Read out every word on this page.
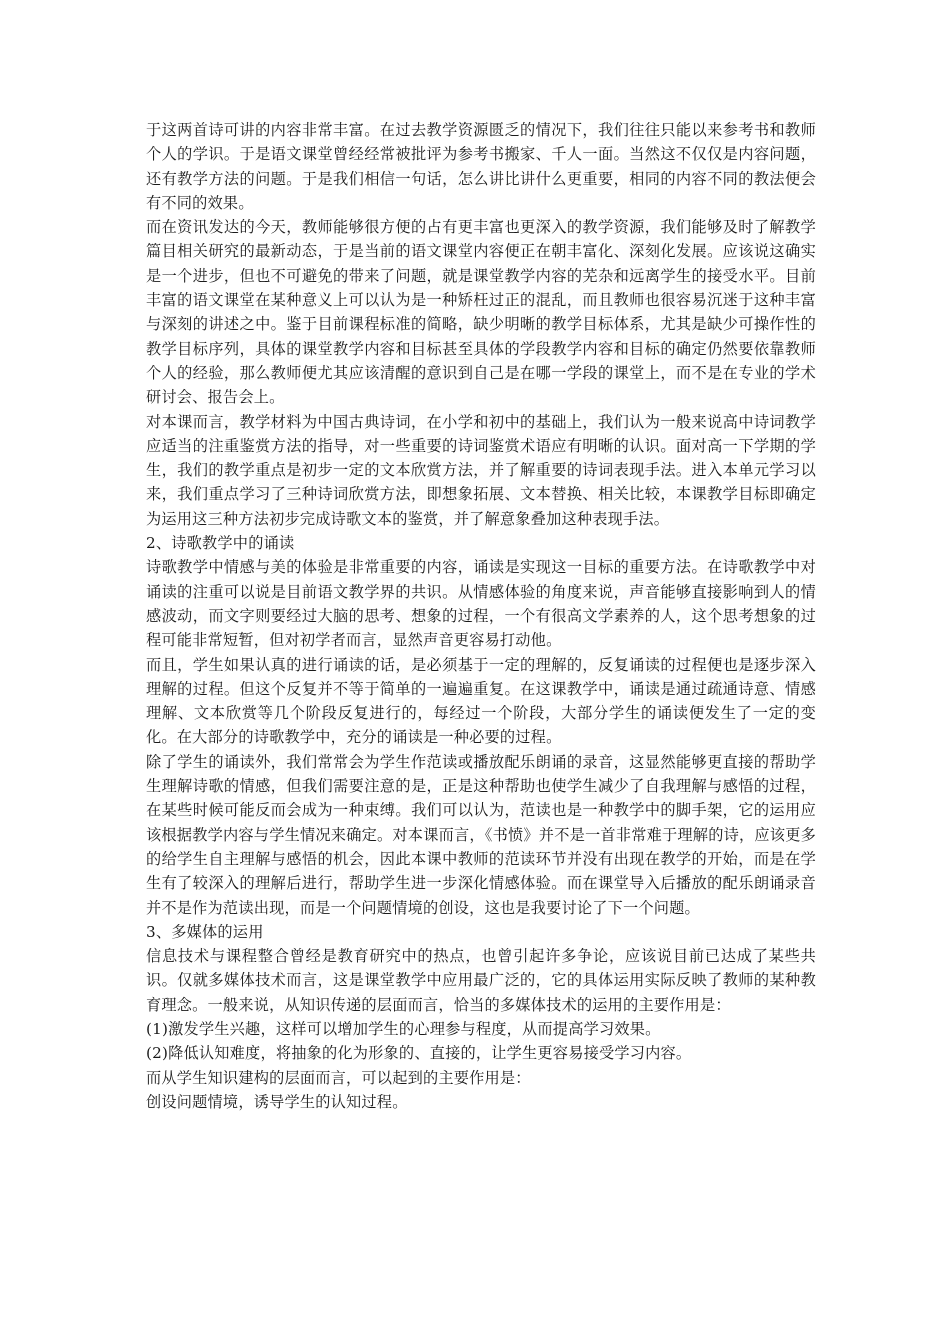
于这两首诗可讲的内容非常丰富。在过去教学资源匮乏的情况下，我们往往只能以来参考书和教师个人的学识。于是语文课堂曾经经常被批评为参考书搬家、千人一面。当然这不仅仅是内容问题，还有教学方法的问题。于是我们相信一句话，怎么讲比讲什么更重要，相同的内容不同的教法便会有不同的效果。

而在资讯发达的今天，教师能够很方便的占有更丰富也更深入的教学资源，我们能够及时了解教学篇目相关研究的最新动态，于是当前的语文课堂内容便正在朝丰富化、深刻化发展。应该说这确实是一个进步，但也不可避免的带来了问题，就是课堂教学内容的芜杂和远离学生的接受水平。目前丰富的语文课堂在某种意义上可以认为是一种矫枉过正的混乱，而且教师也很容易沉迷于这种丰富与深刻的讲述之中。鉴于目前课程标准的简略，缺少明晰的教学目标体系，尤其是缺少可操作性的教学目标序列，具体的课堂教学内容和目标甚至具体的学段教学内容和目标的确定仍然要依靠教师个人的经验，那么教师便尤其应该清醒的意识到自己是在哪一学段的课堂上，而不是在专业的学术研讨会、报告会上。

对本课而言，教学材料为中国古典诗词，在小学和初中的基础上，我们认为一般来说高中诗词教学应适当的注重鉴赏方法的指导，对一些重要的诗词鉴赏术语应有明晰的认识。面对高一下学期的学生，我们的教学重点是初步一定的文本欣赏方法，并了解重要的诗词表现手法。进入本单元学习以来，我们重点学习了三种诗词欣赏方法，即想象拓展、文本替换、相关比较，本课教学目标即确定为运用这三种方法初步完成诗歌文本的鉴赏，并了解意象叠加这种表现手法。

2、诗歌教学中的诵读

诗歌教学中情感与美的体验是非常重要的内容，诵读是实现这一目标的重要方法。在诗歌教学中对诵读的注重可以说是目前语文教学界的共识。从情感体验的角度来说，声音能够直接影响到人的情感波动，而文字则要经过大脑的思考、想象的过程，一个有很高文学素养的人，这个思考想象的过程可能非常短暂，但对初学者而言，显然声音更容易打动他。

而且，学生如果认真的进行诵读的话，是必须基于一定的理解的，反复诵读的过程便也是逐步深入理解的过程。但这个反复并不等于简单的一遍遍重复。在这课教学中，诵读是通过疏通诗意、情感理解、文本欣赏等几个阶段反复进行的，每经过一个阶段，大部分学生的诵读便发生了一定的变化。在大部分的诗歌教学中，充分的诵读是一种必要的过程。

除了学生的诵读外，我们常常会为学生作范读或播放配乐朗诵的录音，这显然能够更直接的帮助学生理解诗歌的情感，但我们需要注意的是，正是这种帮助也使学生减少了自我理解与感悟的过程，在某些时候可能反而会成为一种束缚。我们可以认为，范读也是一种教学中的脚手架，它的运用应该根据教学内容与学生情况来确定。对本课而言，《书愤》并不是一首非常难于理解的诗，应该更多的给学生自主理解与感悟的机会，因此本课中教师的范读环节并没有出现在教学的开始，而是在学生有了较深入的理解后进行，帮助学生进一步深化情感体验。而在课堂导入后播放的配乐朗诵录音并不是作为范读出现，而是一个问题情境的创设，这也是我要讨论了下一个问题。

3、多媒体的运用

信息技术与课程整合曾经是教育研究中的热点，也曾引起许多争论，应该说目前已达成了某些共识。仅就多媒体技术而言，这是课堂教学中应用最广泛的，它的具体运用实际反映了教师的某种教育理念。一般来说，从知识传递的层面而言，恰当的多媒体技术的运用的主要作用是：

(1)激发学生兴趣，这样可以增加学生的心理参与程度，从而提高学习效果。

(2)降低认知难度，将抽象的化为形象的、直接的，让学生更容易接受学习内容。

而从学生知识建构的层面而言，可以起到的主要作用是：

创设问题情境，诱导学生的认知过程。
